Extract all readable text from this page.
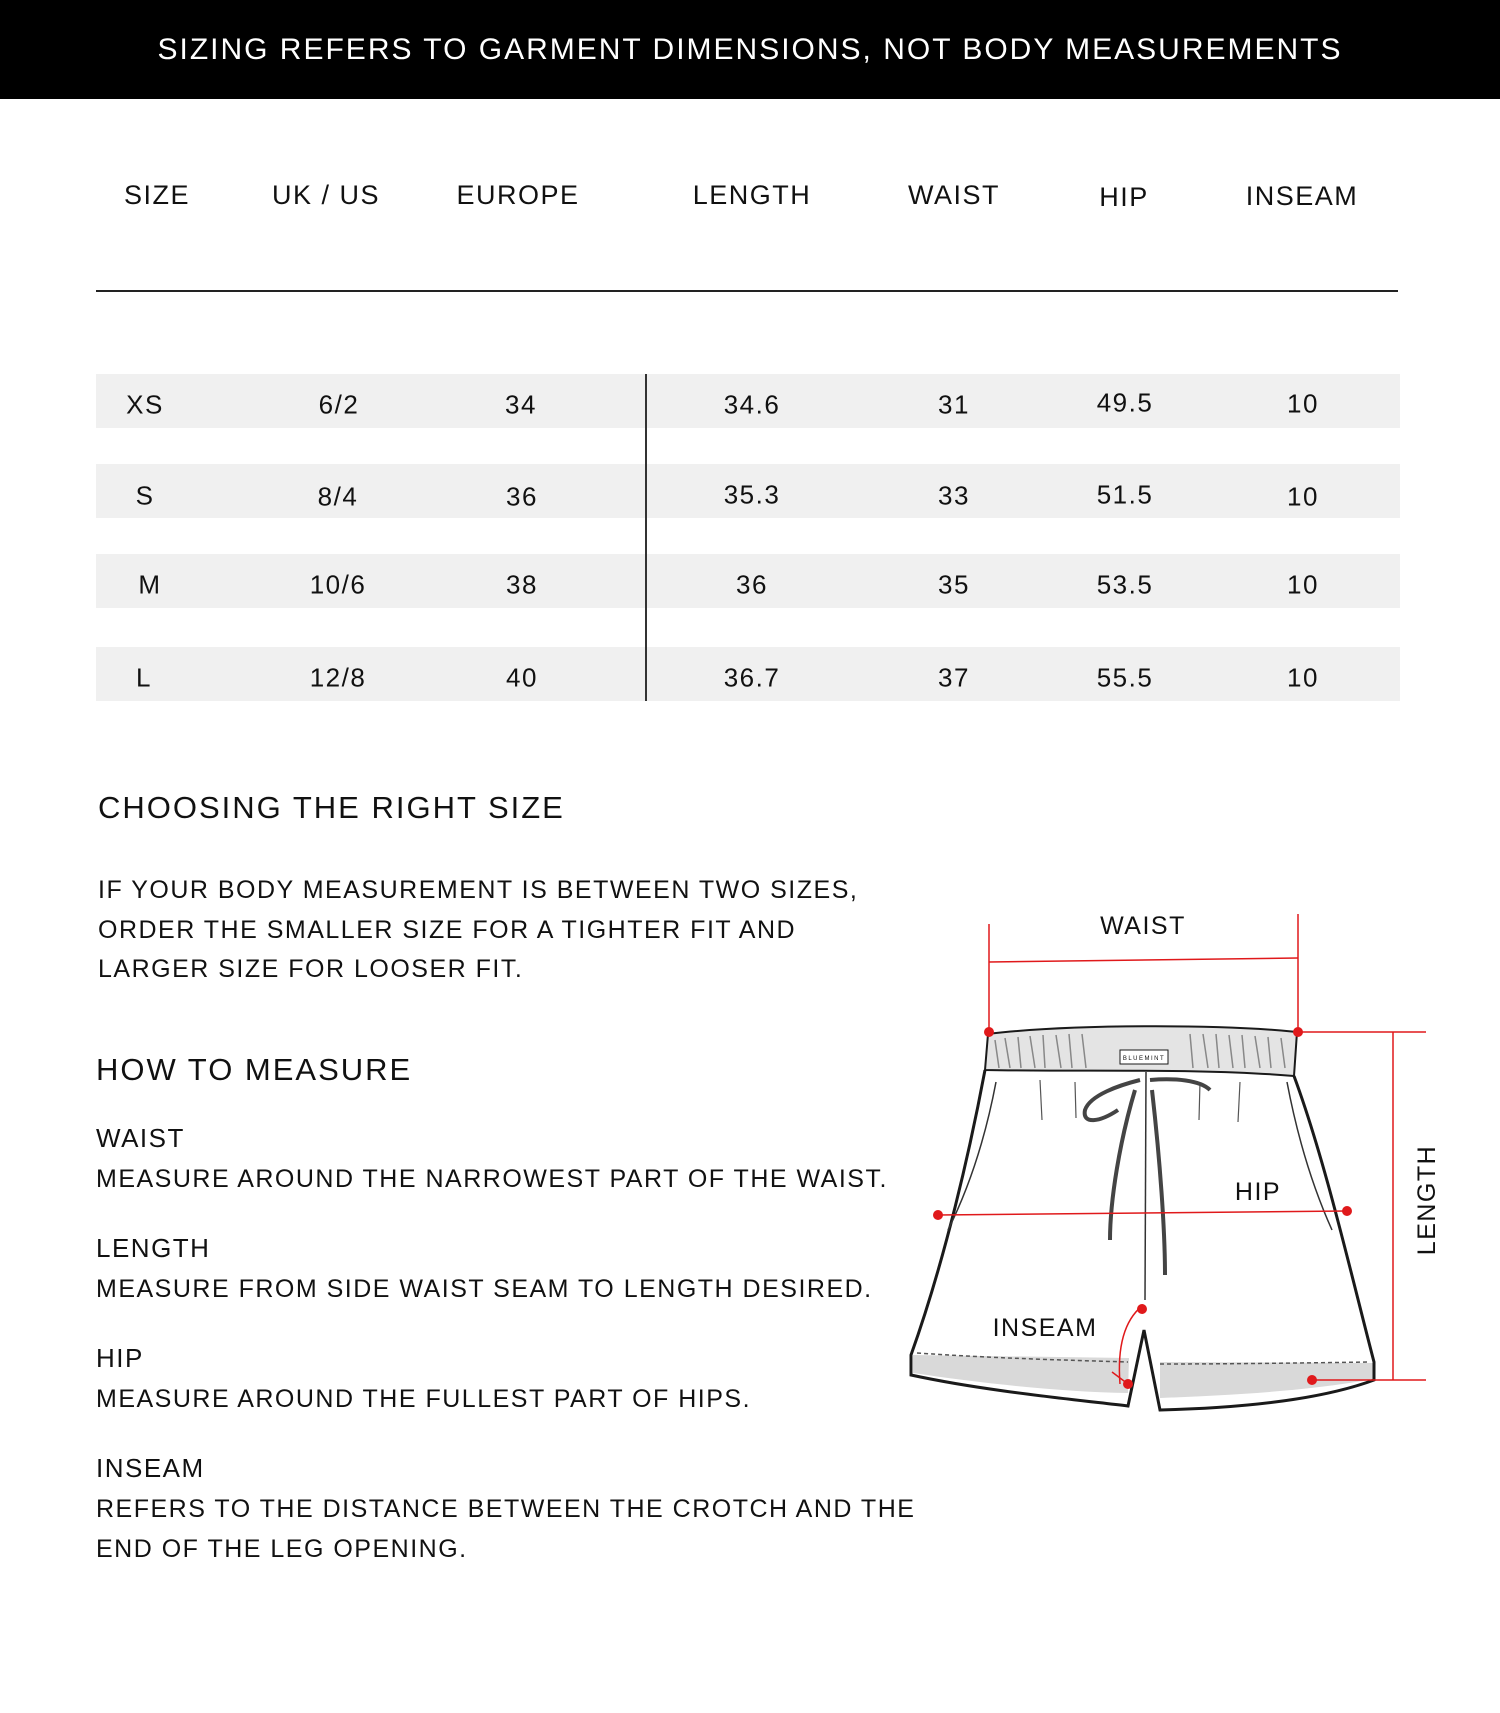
SIZING REFERS TO GARMENT DIMENSIONS, NOT BODY MEASUREMENTS
SIZE	UK / US	EUROPE	LENGTH	WAIST	HIP	INSEAM
XS	6/2	34	34.6	31	49.5	10
S	8/4	36	35.3	33	51.5	10
M	10/6	38	36	35	53.5	10
L	12/8	40	36.7	37	55.5	10
CHOOSING THE RIGHT SIZE
IF YOUR BODY MEASUREMENT IS BETWEEN TWO SIZES,
ORDER THE SMALLER SIZE FOR A TIGHTER FIT AND
LARGER SIZE FOR LOOSER FIT.
HOW TO MEASURE
WAIST
MEASURE AROUND THE NARROWEST PART OF THE WAIST.
LENGTH
MEASURE FROM SIDE WAIST SEAM TO LENGTH DESIRED.
HIP
MEASURE AROUND THE FULLEST PART OF HIPS.
INSEAM
REFERS TO THE DISTANCE BETWEEN THE CROTCH AND THE
END OF THE LEG OPENING.
BLUEMINT
WAIST
HIP
INSEAM
LENGTH
